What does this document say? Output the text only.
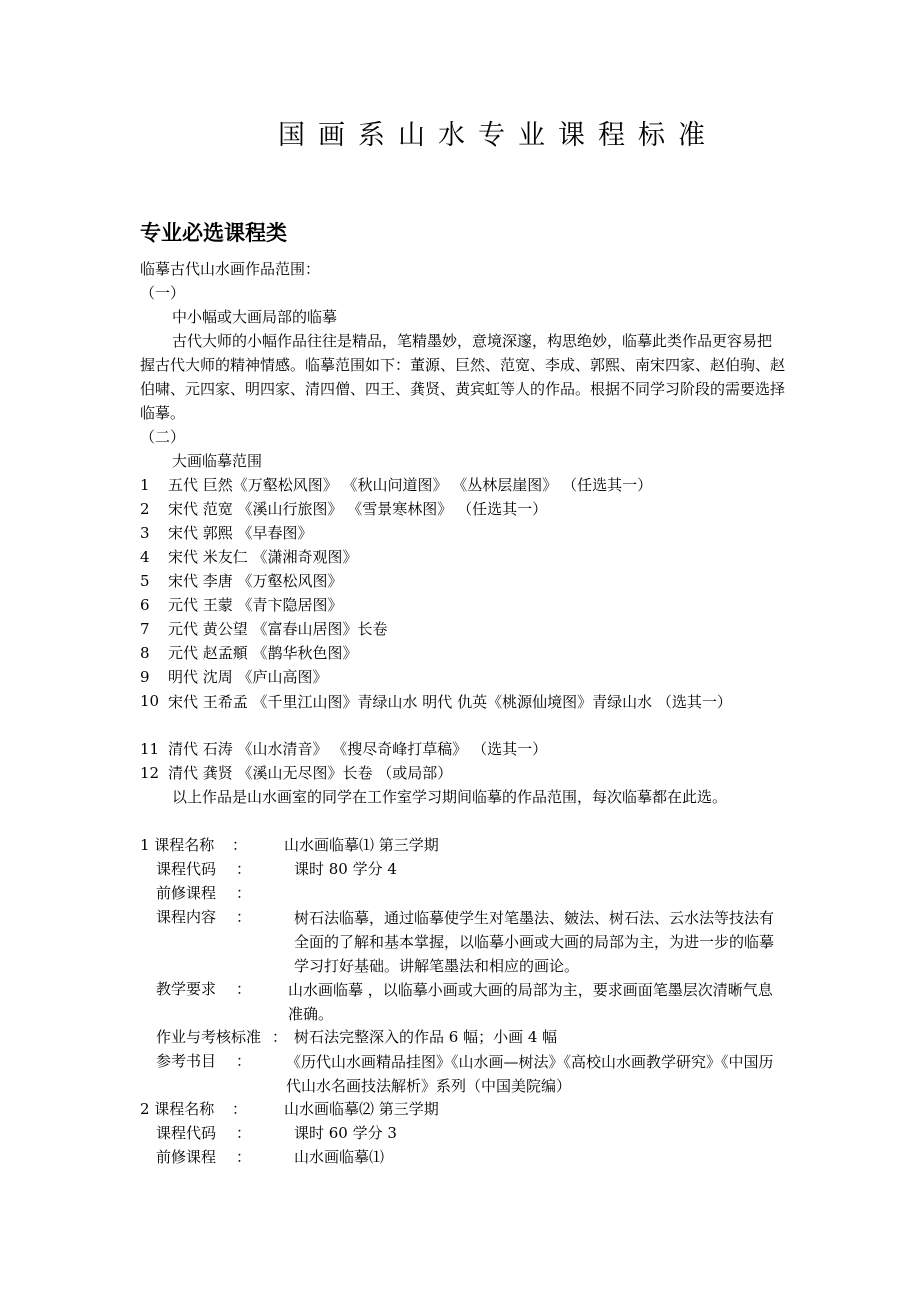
国画系山水专业课程标准
专业必选课程类
临摹古代山水画作品范围：
（一）
中小幅或大画局部的临摹
古代大师的小幅作品往往是精品，笔精墨妙，意境深邃，构思绝妙，临摹此类作品更容易把握古代大师的精神情感。临摹范围如下：董源、巨然、范宽、李成、郭熙、南宋四家、赵伯驹、赵伯啸、元四家、明四家、清四僧、四王、龚贤、黄宾虹等人的作品。根据不同学习阶段的需要选择临摹。
（二）
大画临摹范围
1 五代 巨然《万壑松风图》 《秋山问道图》 《丛林层崖图》 （任选其一）
2 宋代 范宽 《溪山行旅图》 《雪景寒林图》 （任选其一）
3 宋代 郭熙 《早春图》
4 宋代 米友仁 《潇湘奇观图》
5 宋代 李唐 《万壑松风图》
6 元代 王蒙 《青卞隐居图》
7 元代 黄公望 《富春山居图》长卷
8 元代 赵孟頫 《鹊华秋色图》
9 明代 沈周 《庐山高图》
10 宋代 王希孟 《千里江山图》青绿山水 明代 仇英《桃源仙境图》青绿山水 （选其一）
11 清代 石涛 《山水清音》 《搜尽奇峰打草稿》 （选其一）
12 清代 龚贤 《溪山无尽图》长卷 （或局部）
以上作品是山水画室的同学在工作室学习期间临摹的作品范围，每次临摹都在此选。
1 课程名称 ： 山水画临摹⑴ 第三学期
课程代码 ：	课时 80 学分 4
前修课程 ：
课程内容 ：	树石法临摹，通过临摹使学生对笔墨法、皴法、树石法、云水法等技法有全面的了解和基本掌握，以临摹小画或大画的局部为主，为进一步的临摹学习打好基础。讲解笔墨法和相应的画论。
教学要求 ： 山水画临摹 ，以临摹小画或大画的局部为主，要求画面笔墨层次清晰气息准确。
作业与考核标准 ： 树石法完整深入的作品 6 幅；小画 4 幅
参考书目 ： 《历代山水画精品挂图》《山水画—树法》《高校山水画教学研究》《中国历代山水名画技法解析》系列（中国美院编）
2 课程名称 ： 山水画临摹⑵ 第三学期
课程代码 ：	课时 60 学分 3
前修课程 ：	山水画临摹⑴
